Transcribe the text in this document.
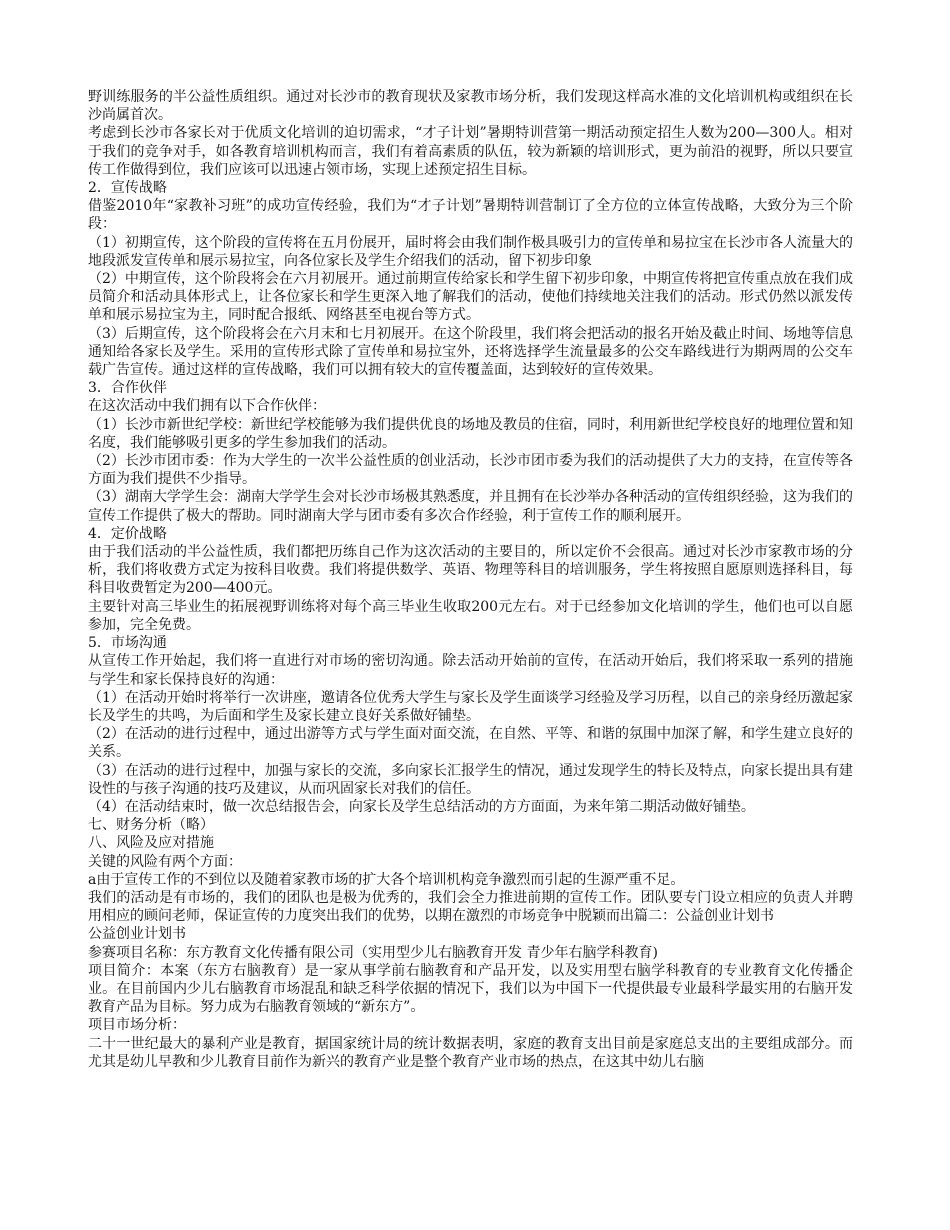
野训练服务的半公益性质组织。通过对长沙市的教育现状及家教市场分析，我们发现这样高水准的文化培训机构或组织在长沙尚属首次。

考虑到长沙市各家长对于优质文化培训的迫切需求，“才子计划”暑期特训营第一期活动预定招生人数为200—300人。相对于我们的竞争对手，如各教育培训机构而言，我们有着高素质的队伍，较为新颖的培训形式，更为前沿的视野，所以只要宣传工作做得到位，我们应该可以迅速占领市场，实现上述预定招生目标。

2．宣传战略

借鉴2010年“家教补习班”的成功宣传经验，我们为“才子计划”暑期特训营制订了全方位的立体宣传战略，大致分为三个阶段：

（1）初期宣传，这个阶段的宣传将在五月份展开，届时将会由我们制作极具吸引力的宣传单和易拉宝在长沙市各人流量大的地段派发宣传单和展示易拉宝，向各位家长及学生介绍我们的活动，留下初步印象

（2）中期宣传，这个阶段将会在六月初展开。通过前期宣传给家长和学生留下初步印象，中期宣传将把宣传重点放在我们成员简介和活动具体形式上，让各位家长和学生更深入地了解我们的活动，使他们持续地关注我们的活动。形式仍然以派发传单和展示易拉宝为主，同时配合报纸、网络甚至电视台等方式。

（3）后期宣传，这个阶段将会在六月末和七月初展开。在这个阶段里，我们将会把活动的报名开始及截止时间、场地等信息通知给各家长及学生。采用的宣传形式除了宣传单和易拉宝外，还将选择学生流量最多的公交车路线进行为期两周的公交车载广告宣传。通过这样的宣传战略，我们可以拥有较大的宣传覆盖面，达到较好的宣传效果。

3．合作伙伴

在这次活动中我们拥有以下合作伙伴：

（1）长沙市新世纪学校：新世纪学校能够为我们提供优良的场地及教员的住宿，同时，利用新世纪学校良好的地理位置和知名度，我们能够吸引更多的学生参加我们的活动。

（2）长沙市团市委：作为大学生的一次半公益性质的创业活动，长沙市团市委为我们的活动提供了大力的支持，在宣传等各方面为我们提供不少指导。

（3）湖南大学学生会：湖南大学学生会对长沙市场极其熟悉度，并且拥有在长沙举办各种活动的宣传组织经验，这为我们的宣传工作提供了极大的帮助。同时湖南大学与团市委有多次合作经验，利于宣传工作的顺利展开。

4．定价战略

由于我们活动的半公益性质，我们都把历练自己作为这次活动的主要目的，所以定价不会很高。通过对长沙市家教市场的分析，我们将收费方式定为按科目收费。我们将提供数学、英语、物理等科目的培训服务，学生将按照自愿原则选择科目，每科目收费暂定为200—400元。

主要针对高三毕业生的拓展视野训练将对每个高三毕业生收取200元左右。对于已经参加文化培训的学生，他们也可以自愿参加，完全免费。

5．市场沟通

从宣传工作开始起，我们将一直进行对市场的密切沟通。除去活动开始前的宣传，在活动开始后，我们将采取一系列的措施与学生和家长保持良好的沟通：

（1）在活动开始时将举行一次讲座，邀请各位优秀大学生与家长及学生面谈学习经验及学习历程，以自己的亲身经历激起家长及学生的共鸣，为后面和学生及家长建立良好关系做好铺垫。

（2）在活动的进行过程中，通过出游等方式与学生面对面交流，在自然、平等、和谐的氛围中加深了解，和学生建立良好的关系。

（3）在活动的进行过程中，加强与家长的交流，多向家长汇报学生的情况，通过发现学生的特长及特点，向家长提出具有建设性的与孩子沟通的技巧及建议，从而巩固家长对我们的信任。

（4）在活动结束时，做一次总结报告会，向家长及学生总结活动的方方面面，为来年第二期活动做好铺垫。

七、财务分析（略）

八、风险及应对措施

关键的风险有两个方面：

a由于宣传工作的不到位以及随着家教市场的扩大各个培训机构竞争激烈而引起的生源严重不足。

我们的活动是有市场的，我们的团队也是极为优秀的，我们会全力推进前期的宣传工作。团队要专门设立相应的负责人并聘用相应的顾问老师，保证宣传的力度突出我们的优势，以期在激烈的市场竞争中脱颖而出篇二：公益创业计划书

公益创业计划书

参赛项目名称：东方教育文化传播有限公司（实用型少儿右脑教育开发 青少年右脑学科教育)

项目简介：本案（东方右脑教育）是一家从事学前右脑教育和产品开发，以及实用型右脑学科教育的专业教育文化传播企业。在目前国内少儿右脑教育市场混乱和缺乏科学依据的情况下，我们以为中国下一代提供最专业最科学最实用的右脑开发教育产品为目标。努力成为右脑教育领域的“新东方”。

项目市场分析：

二十一世纪最大的暴利产业是教育，据国家统计局的统计数据表明，家庭的教育支出目前是家庭总支出的主要组成部分。而尤其是幼儿早教和少儿教育目前作为新兴的教育产业是整个教育产业市场的热点，在这其中幼儿右脑
